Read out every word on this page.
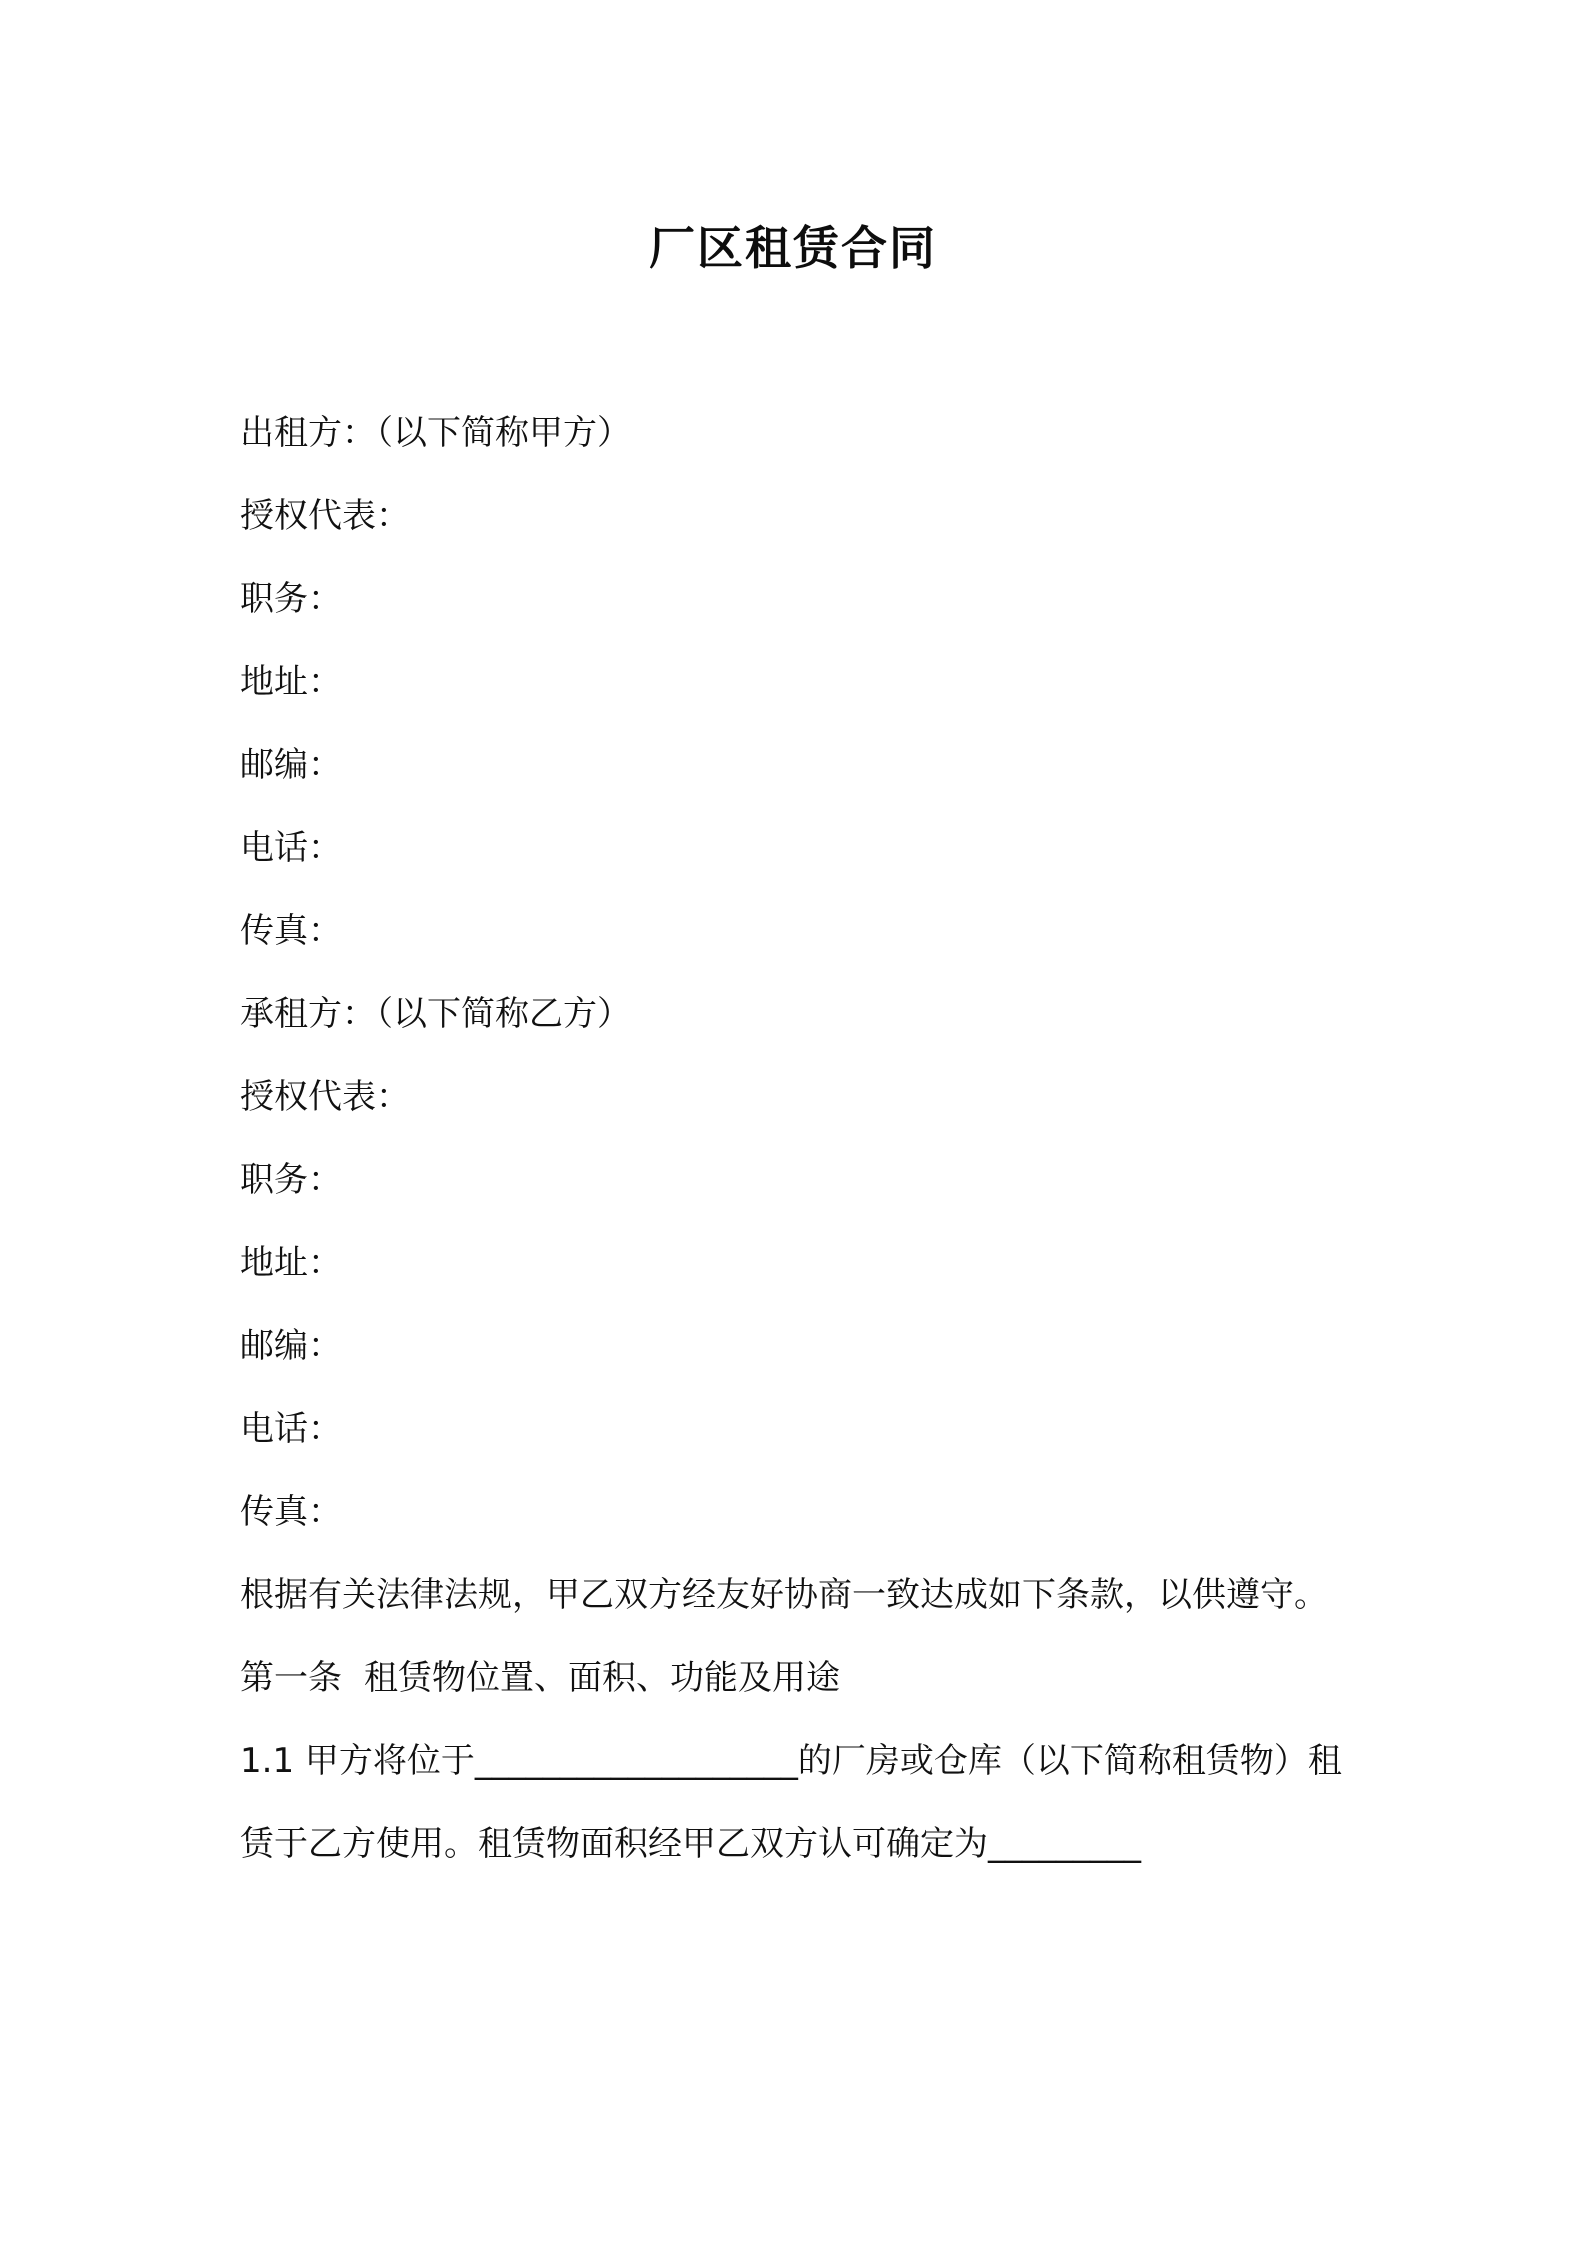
厂区租赁合同
出租方：（以下简称甲方）
授权代表：
职务：
地址：
邮编：
电话：
传真：
承租方：（以下简称乙方）
授权代表：
职务：
地址：
邮编：
电话：
传真：
根据有关法律法规，甲乙双方经友好协商一致达成如下条款，以供遵守。
第一条 租赁物位置、面积、功能及用途
1.1 甲方将位于___________________的厂房或仓库（以下简称租赁物）租赁于乙方使用。租赁物面积经甲乙双方认可确定为_________
